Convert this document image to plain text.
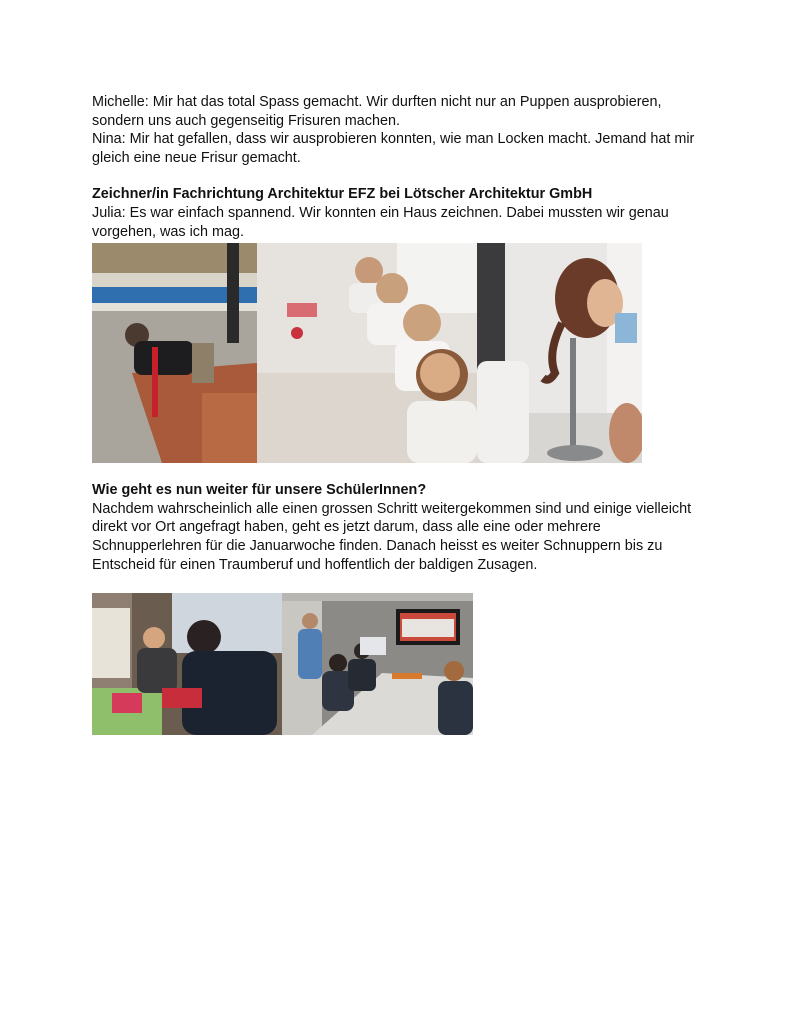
Michelle: Mir hat das total Spass gemacht. Wir durften nicht nur an Puppen ausprobieren, sondern uns auch gegenseitig Frisuren machen.

Nina: Mir hat gefallen, dass wir ausprobieren konnten, wie man Locken macht. Jemand hat mir gleich eine neue Frisur gemacht.

Zeichner/in Fachrichtung Architektur EFZ bei Lötscher Architektur GmbH

Julia: Es war einfach spannend. Wir konnten ein Haus zeichnen. Dabei mussten wir genau vorgehen, was ich mag.

Wie geht es nun weiter für unsere SchülerInnen?

Nachdem wahrscheinlich alle einen grossen Schritt weitergekommen sind und einige vielleicht direkt vor Ort angefragt haben, geht es jetzt darum, dass alle eine oder mehrere Schnupperlehren für die Januarwoche finden. Danach heisst es weiter Schnuppern bis zu Entscheid für einen Traumberuf und hoffentlich der baldigen Zusagen.
